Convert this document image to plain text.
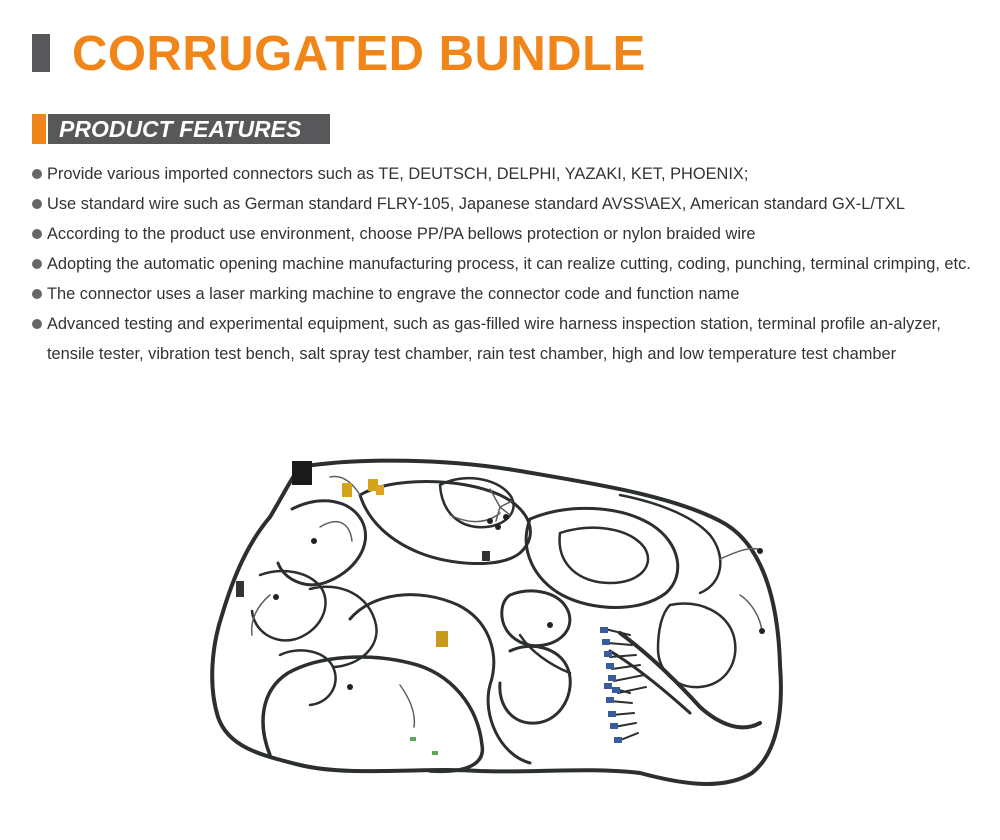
CORRUGATED BUNDLE
PRODUCT FEATURES
Provide various imported connectors such as TE, DEUTSCH, DELPHI, YAZAKI, KET, PHOENIX;
Use standard wire such as German standard FLRY-105, Japanese standard AVSS\AEX, American standard GX-L/TXL
According to the product use environment, choose PP/PA bellows protection or nylon braided wire
Adopting the automatic opening machine manufacturing process, it can realize cutting, coding, punching, terminal crimping, etc.
The connector uses a laser marking machine to engrave the connector code and function name
Advanced testing and experimental equipment, such as gas-filled wire harness inspection station, terminal profile an-alyzer, tensile tester, vibration test bench, salt spray test chamber, rain test chamber, high and low temperature test chamber
